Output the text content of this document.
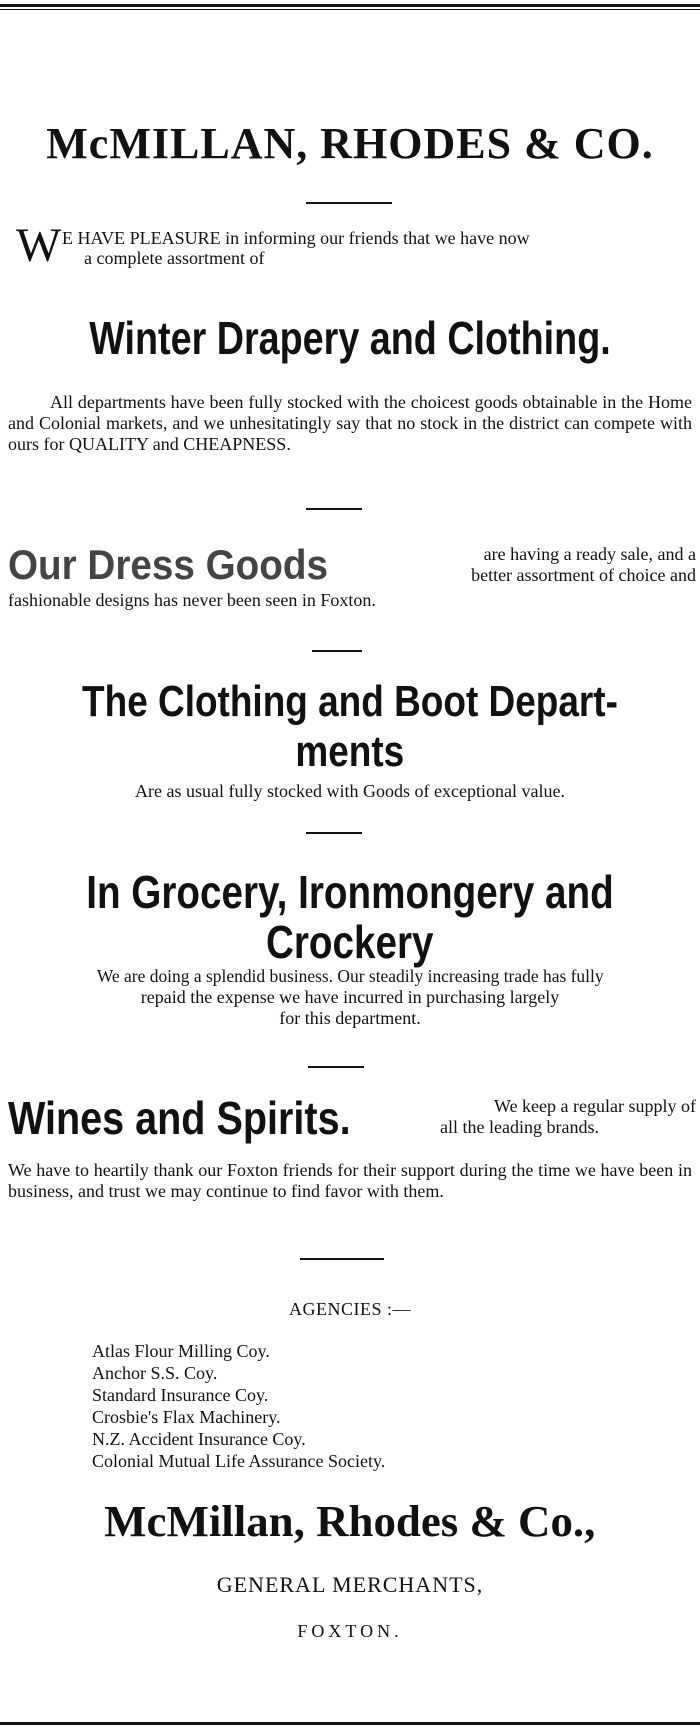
McMILLAN, RHODES & CO.
W E HAVE PLEASURE in informing our friends that we have now
a complete assortment of
Winter Drapery and Clothing.

All departments have been fully stocked with the choicest goods obtainable in the Home and Colonial markets, and we unhesitatingly say that no stock in the district can compete with ours for QUALITY and CHEAPNESS.

Our Dress Goods	are having a ready sale, and a
better assortment of choice and
fashionable designs has never been seen in Foxton.
The Clothing and Boot Depart-
ments
Are as usual fully stocked with Goods of exceptional value.
In Grocery, Ironmongery and
Crockery
We are doing a splendid business. Our steadily increasing trade has fully
repaid the expense we have incurred in purchasing largely
for this department.
Wines and Spirits.	We keep a regular supply of
all the leading brands.

We have to heartily thank our Foxton friends for their support during the time we have been in business, and trust we may continue to find favor with them.

AGENCIES :—
Atlas Flour Milling Coy.
Anchor S.S. Coy.
Standard Insurance Coy.
Crosbie's Flax Machinery.
N.Z. Accident Insurance Coy.
Colonial Mutual Life Assurance Society.
McMillan, Rhodes & Co.,
GENERAL MERCHANTS,
FOXTON.
